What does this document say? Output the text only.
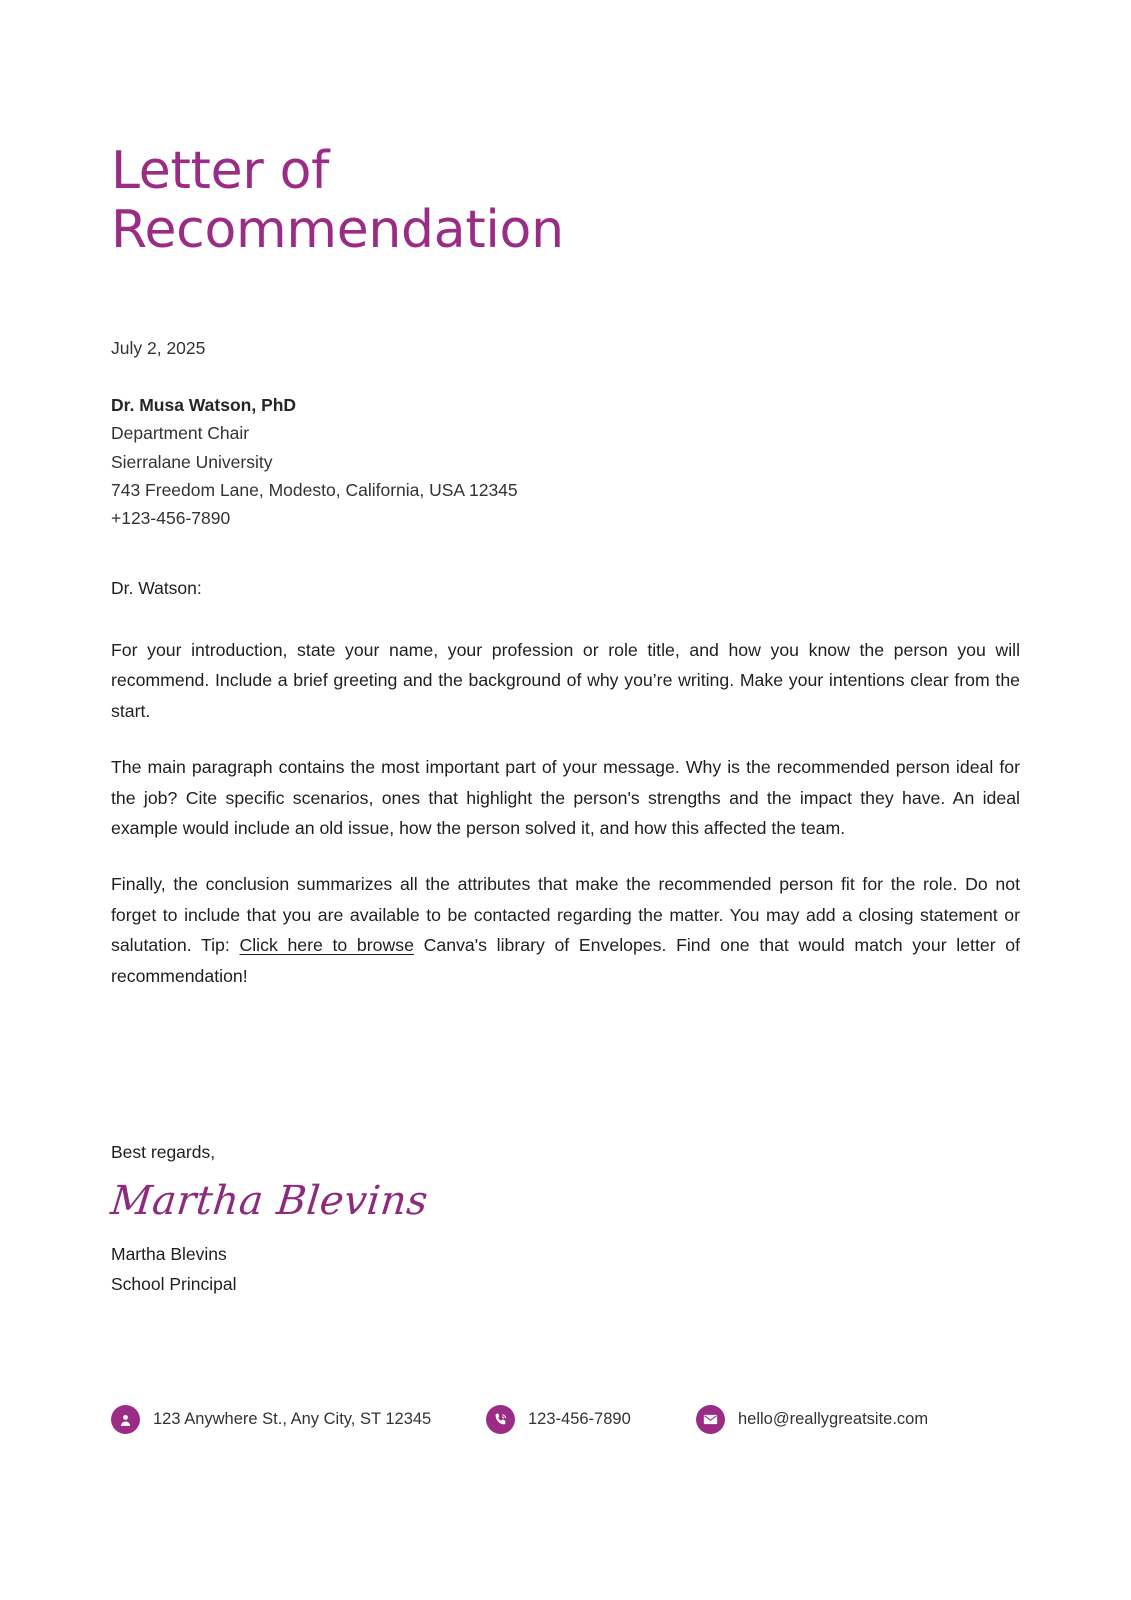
Letter of
Recommendation
July 2, 2025
Dr. Musa Watson, PhD
Department Chair
Sierralane University
743 Freedom Lane, Modesto, California, USA 12345
+123-456-7890
Dr. Watson:

For your introduction, state your name, your profession or role title, and how you know the person you will recommend. Include a brief greeting and the background of why you’re writing. Make your intentions clear from the start.

The main paragraph contains the most important part of your message. Why is the recommended person ideal for the job? Cite specific scenarios, ones that highlight the person's strengths and the impact they have. An ideal example would include an old issue, how the person solved it, and how this affected the team.

Finally, the conclusion summarizes all the attributes that make the recommended person fit for the role. Do not forget to include that you are available to be contacted regarding the matter. You may add a closing statement or salutation. Tip: Click here to browse Canva's library of Envelopes. Find one that would match your letter of recommendation!

Best regards,
Martha Blevins
Martha Blevins
School Principal
123 Anywhere St., Any City, ST 12345	123-456-7890	hello@reallygreatsite.com
